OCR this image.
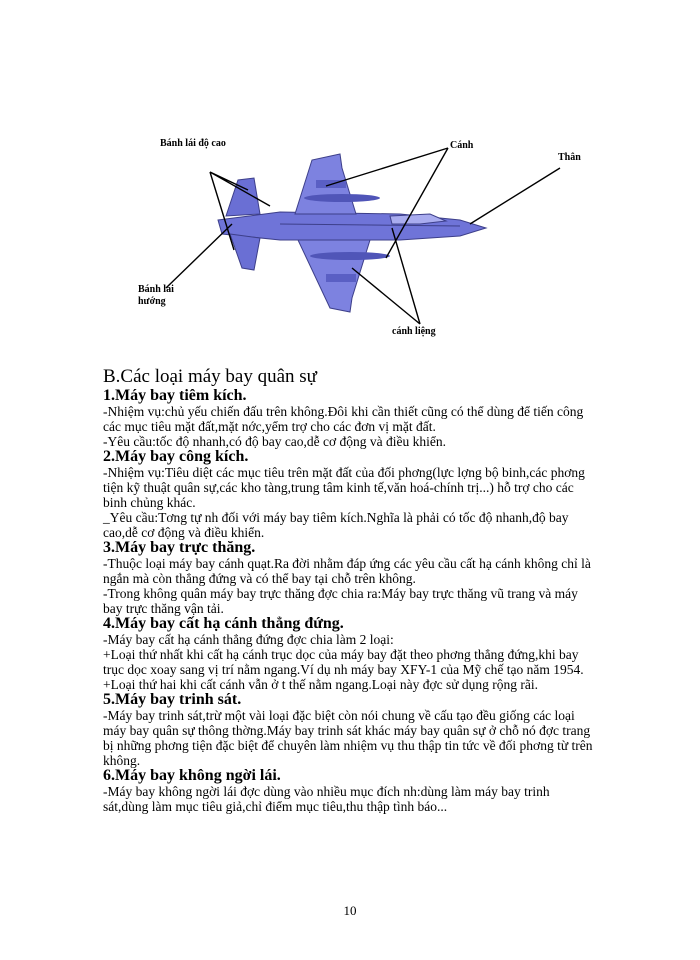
Bánh lái độ cao	Cánh
Thân
Bánh lái hướng
cánh liệng
B.Các loại máy bay quân sự
1.Máy bay tiêm kích.

-Nhiệm vụ:chủ yếu chiến đấu trên không.Đôi khi cần thiết cũng có thể dùng để tiến công các mục tiêu mặt đất,mặt nớc,yểm trợ cho các đơn vị mặt đất.

-Yêu cầu:tốc độ nhanh,có độ bay cao,dễ cơ động và điều khiển.

2.Máy bay công kích.

-Nhiệm vụ:Tiêu diệt các mục tiêu trên mặt đất của đối phơng(lực lợng bộ binh,các phơng tiện kỹ thuật quân sự,các kho tàng,trung tâm kinh tế,văn hoá-chính trị...) hỗ trợ cho các binh chủng khác.

_Yêu cầu:Tơng tự nh đối với máy bay tiêm kích.Nghĩa là phải có tốc độ nhanh,độ bay cao,dễ cơ động và điều khiển.

3.Máy bay trực thăng.

-Thuộc loại máy bay cánh quạt.Ra đời nhằm đáp ứng các yêu cầu cất hạ cánh không chỉ là ngắn mà còn thẳng đứng và có thể bay tại chỗ trên không.

-Trong không quân máy bay trực thăng đợc chia ra:Máy bay trực thăng vũ trang và máy bay trực thăng vận tải.

4.Máy bay cất hạ cánh thẳng đứng.

-Máy bay cất hạ cánh thẳng đứng đợc chia làm 2 loại:

+Loại thứ nhất khi cất hạ cánh trục dọc của máy bay đặt theo phơng thẳng đứng,khi bay trục dọc xoay sang vị trí nằm ngang.Ví dụ nh máy bay XFY-1 của Mỹ chế tạo năm 1954.

+Loại thứ hai khi cất cánh vẫn ở t thế nằm ngang.Loại này đợc sử dụng rộng rãi.

5.Máy bay trinh sát.

-Máy bay trinh sát,trừ một vài loại đặc biệt còn nói chung về cấu tạo đều giống các loại máy bay quân sự thông thờng.Máy bay trinh sát khác máy bay quân sự ở chỗ nó đợc trang bị những phơng tiện đặc biệt để chuyên làm nhiệm vụ thu thập tin tức về đối phơng từ trên không.

6.Máy bay không ngời lái.

-Máy bay không ngời lái đợc dùng vào nhiều mục đích nh:dùng làm máy bay trinh sát,dùng làm mục tiêu giả,chỉ điểm mục tiêu,thu thập tình báo...

10
